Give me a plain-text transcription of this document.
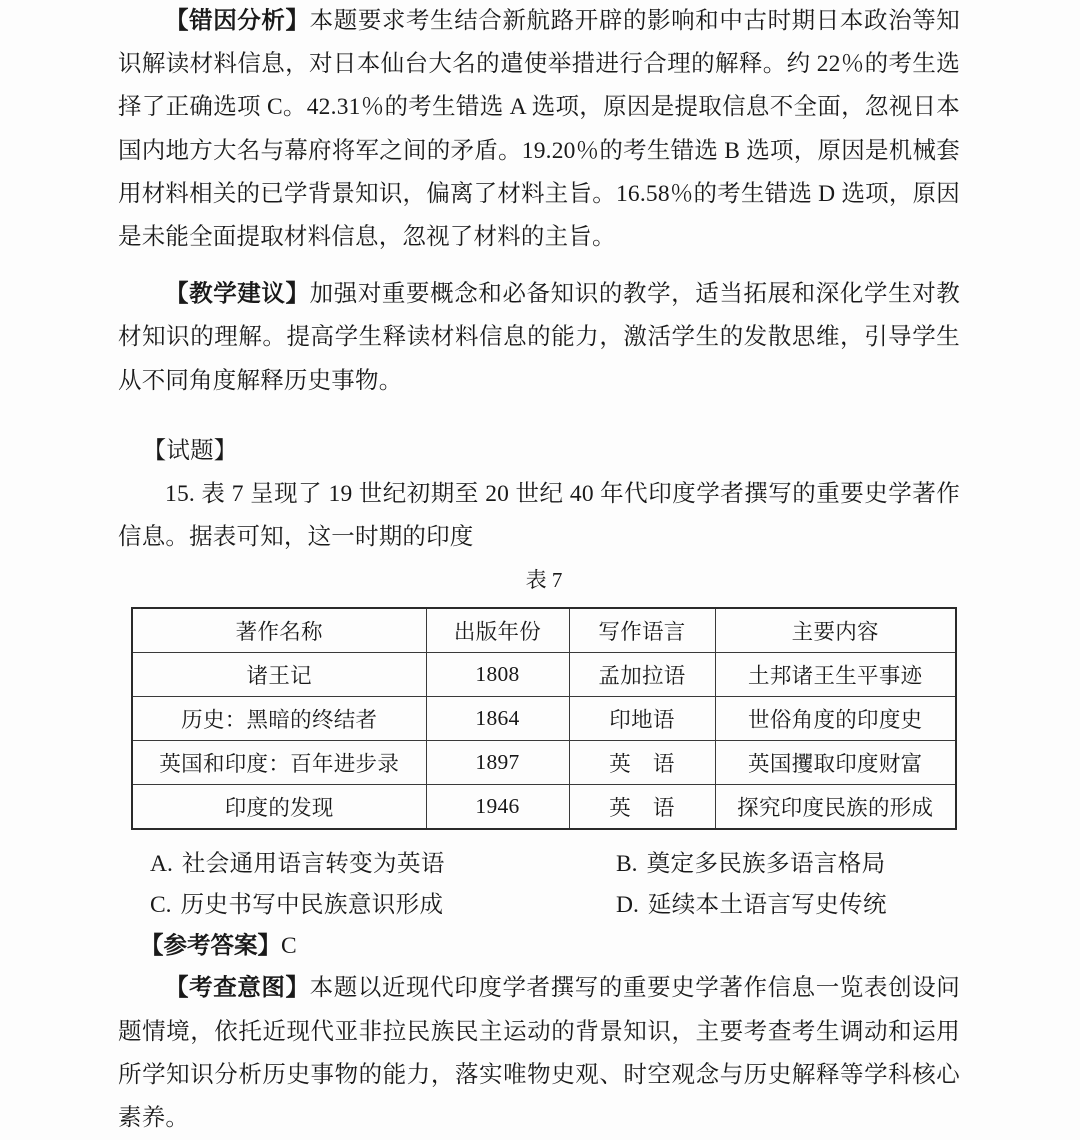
【错因分析】本题要求考生结合新航路开辟的影响和中古时期日本政治等知识解读材料信息，对日本仙台大名的遣使举措进行合理的解释。约 22％的考生选择了正确选项 C。42.31％的考生错选 A 选项，原因是提取信息不全面，忽视日本国内地方大名与幕府将军之间的矛盾。19.20％的考生错选 B 选项，原因是机械套用材料相关的已学背景知识，偏离了材料主旨。16.58％的考生错选 D 选项，原因是未能全面提取材料信息，忽视了材料的主旨。

【教学建议】加强对重要概念和必备知识的教学，适当拓展和深化学生对教材知识的理解。提高学生释读材料信息的能力，激活学生的发散思维，引导学生从不同角度解释历史事物。

【试题】

15. 表 7 呈现了 19 世纪初期至 20 世纪 40 年代印度学者撰写的重要史学著作信息。据表可知，这一时期的印度

表 7

著作名称	出版年份	写作语言	主要内容
诸王记	1808	孟加拉语	土邦诸王生平事迹
历史：黑暗的终结者	1864	印地语	世俗角度的印度史
英国和印度：百年进步录	1897	英　语	英国攫取印度财富
印度的发现	1946	英　语	探究印度民族的形成
A. 社会通用语言转变为英语	B. 奠定多民族多语言格局
C. 历史书写中民族意识形成	D. 延续本土语言写史传统

【参考答案】C

【考查意图】本题以近现代印度学者撰写的重要史学著作信息一览表创设问题情境，依托近现代亚非拉民族民主运动的背景知识，主要考查考生调动和运用所学知识分析历史事物的能力，落实唯物史观、时空观念与历史解释等学科核心素养。
